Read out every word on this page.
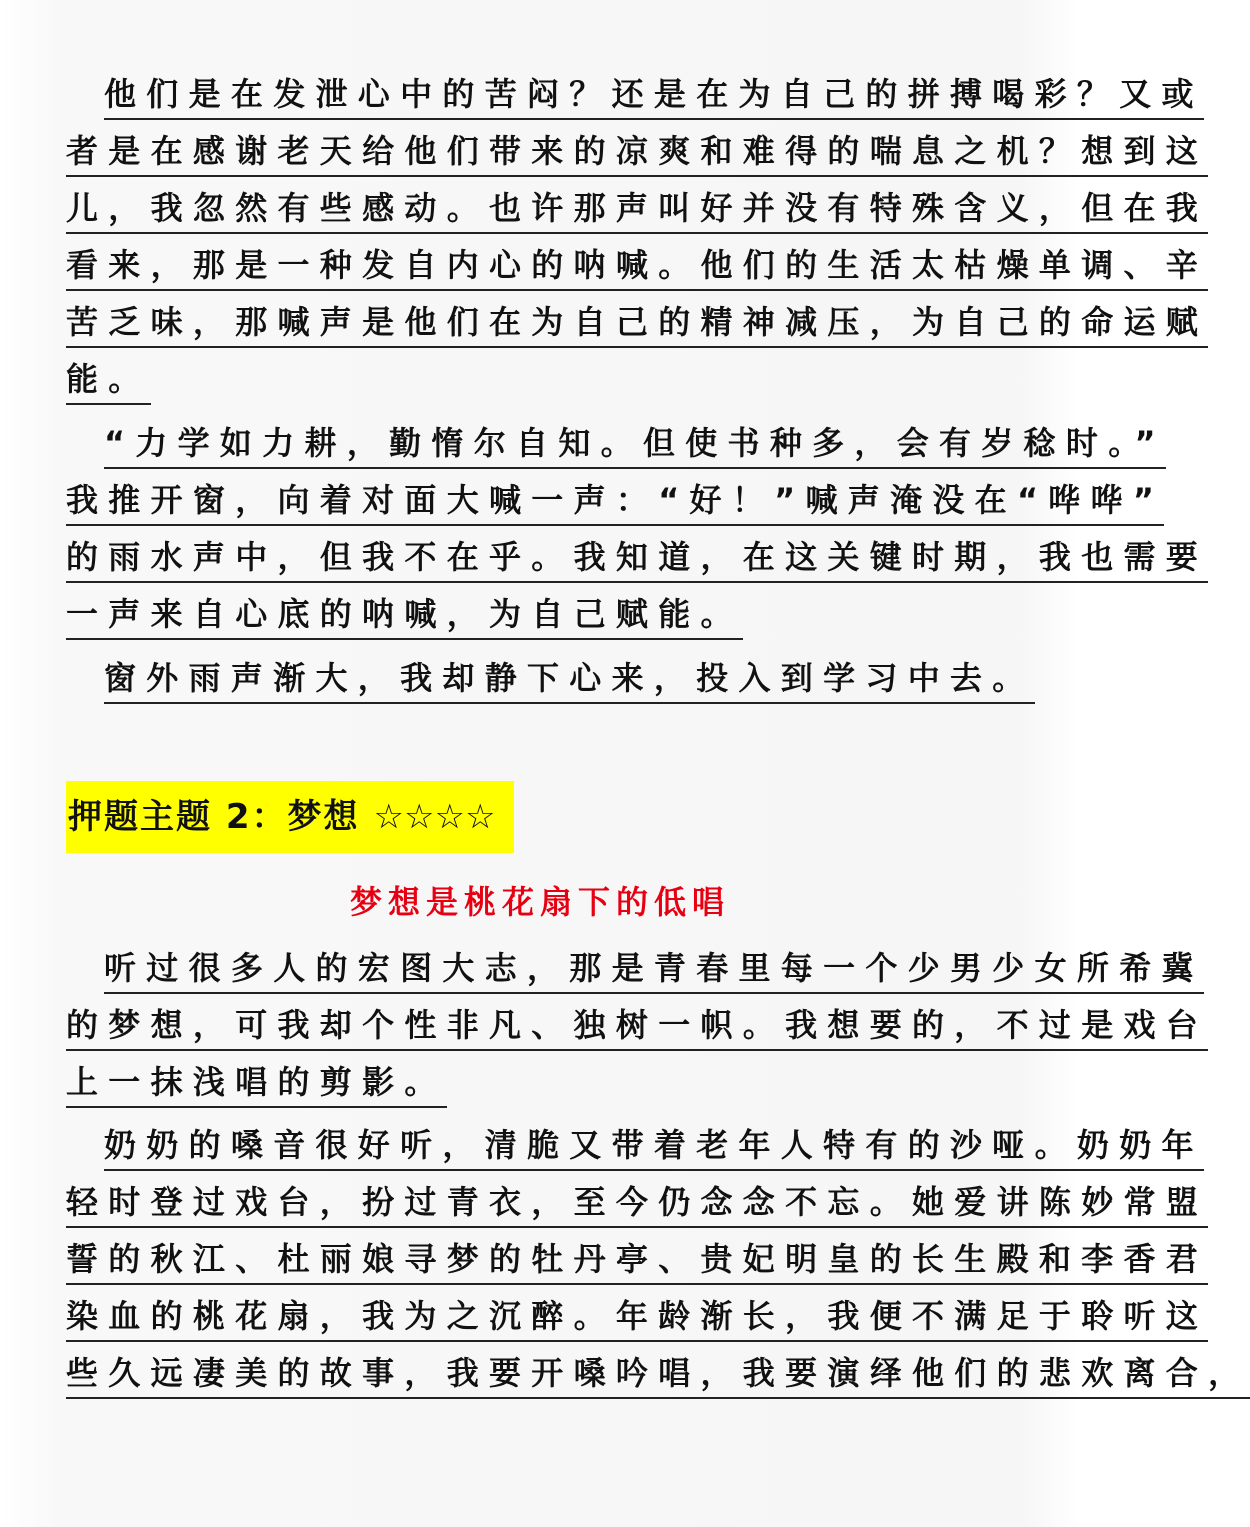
他们是在发泄心中的苦闷？还是在为自己的拼搏喝彩？又或
者是在感谢老天给他们带来的凉爽和难得的喘息之机？想到这
儿，我忽然有些感动。也许那声叫好并没有特殊含义，但在我
看来，那是一种发自内心的呐喊。他们的生活太枯燥单调、辛
苦乏味，那喊声是他们在为自己的精神减压，为自己的命运赋
能。
“力学如力耕，勤惰尔自知。但使书种多，会有岁稔时。”
我推开窗，向着对面大喊一声：“好！”喊声淹没在“哗哗”
的雨水声中，但我不在乎。我知道，在这关键时期，我也需要
一声来自心底的呐喊，为自己赋能。
窗外雨声渐大，我却静下心来，投入到学习中去。
押题主题 2：梦想 ☆☆☆☆
梦想是桃花扇下的低唱
听过很多人的宏图大志，那是青春里每一个少男少女所希冀
的梦想，可我却个性非凡、独树一帜。我想要的，不过是戏台
上一抹浅唱的剪影。
奶奶的嗓音很好听，清脆又带着老年人特有的沙哑。奶奶年
轻时登过戏台，扮过青衣，至今仍念念不忘。她爱讲陈妙常盟
誓的秋江、杜丽娘寻梦的牡丹亭、贵妃明皇的长生殿和李香君
染血的桃花扇，我为之沉醉。年龄渐长，我便不满足于聆听这
些久远凄美的故事，我要开嗓吟唱，我要演绎他们的悲欢离合，
